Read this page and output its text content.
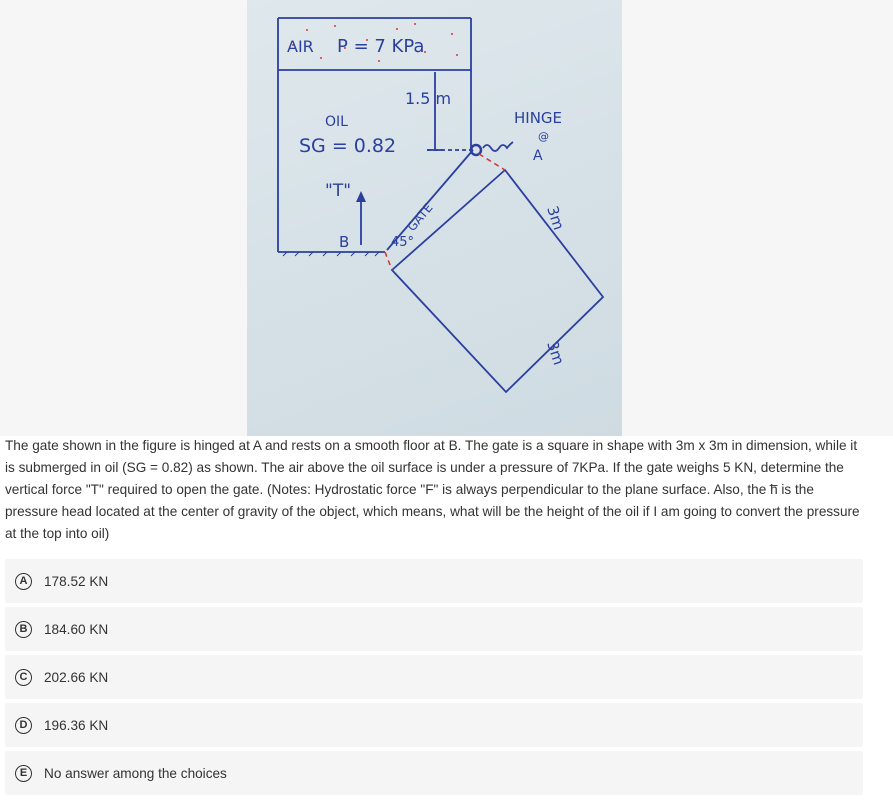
AIR P = 7 KPa
1.5 m
OIL
SG = 0.82
HINGE
@
A
"T"
GATE
B	45°
3m
3m
The gate shown in the figure is hinged at A and rests on a smooth floor at B. The gate is a square in shape with 3m x 3m in dimension, while it is submerged in oil (SG = 0.82) as shown. The air above the oil surface is under a pressure of 7KPa. If the gate weighs 5 KN, determine the vertical force "T" required to open the gate. (Notes: Hydrostatic force "F" is always perpendicular to the plane surface. Also, the h̅ is the pressure head located at the center of gravity of the object, which means, what will be the height of the oil if I am going to convert the pressure at the top into oil)
A	178.52 KN
B	184.60 KN
C	202.66 KN
D	196.36 KN
E	No answer among the choices
